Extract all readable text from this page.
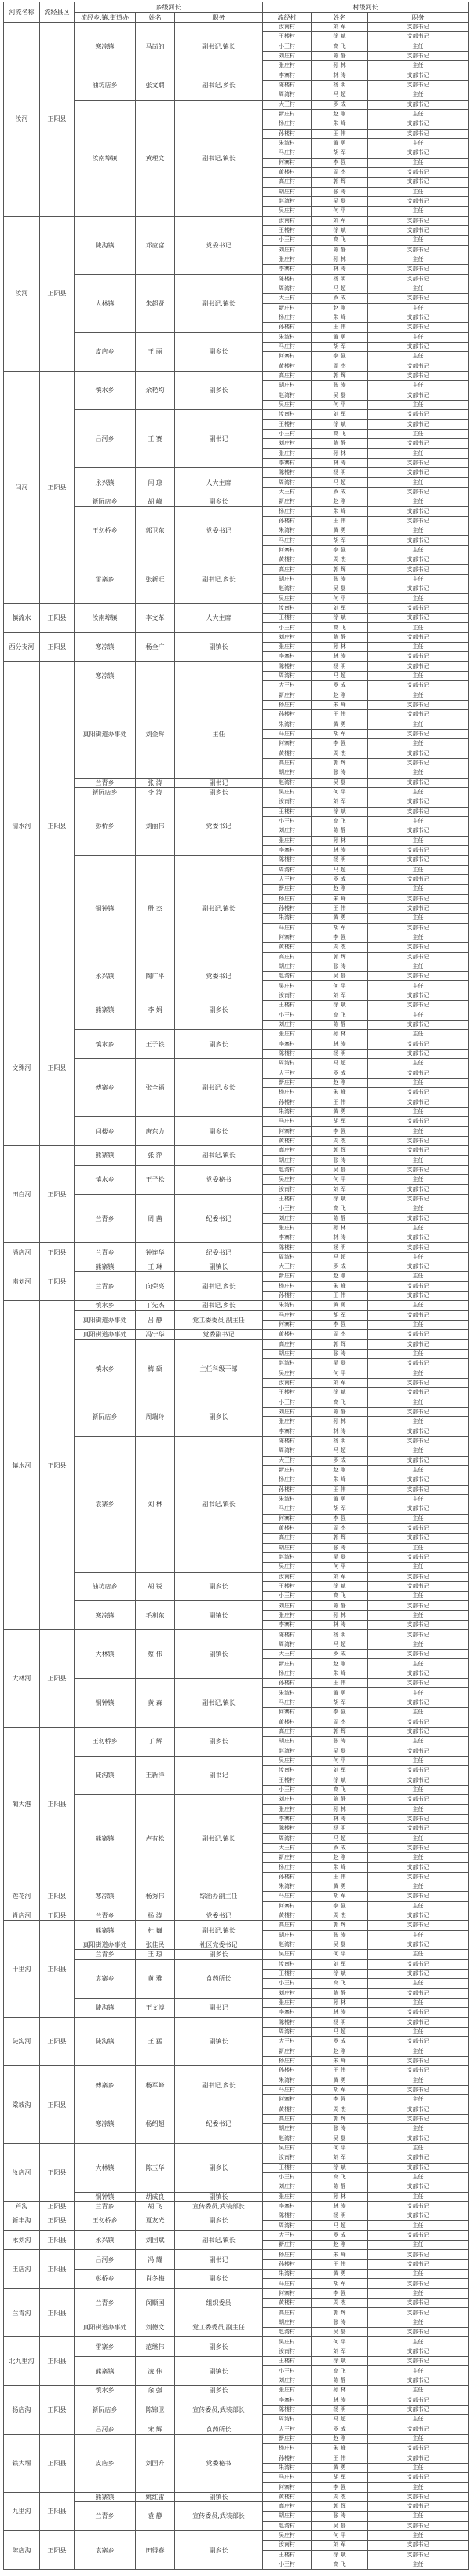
河流名称	流经县区	乡级河长			村级河长		
		流经乡,镇,街道办	姓名	职务	流经村	姓名	职务
汝河	正阳县	寒凉镇	马岗的	副书记,镇长	汝南村	刘 军	支部书记
					王楼村	徐 斌	支部书记
					小王村	高 飞	主任
					刘庄村	陈 静	支部书记
					张庄村	孙 林	主任
		油坊店乡	张文嫻	副书记,乡长	李寨村	林 涛	支部书记
					陈楼村	杨 明	支部书记
					周湾村	马 超	主任
		汝南埠镇	黄理文	副书记,镇长	大王村	罗 成	支部书记
					新庄村	赵 刚	主任
					杨庄村	朱 峰	支部书记
					孙楼村	王 伟	支部书记
					朱湾村	黄 勇	主任
					马庄村	胡 军	支部书记
					何寨村	李 强	主任
					黄楼村	周 杰	支部书记
					高庄村	郭 辉	支部书记
					胡庄村	张 涛	主任
					赵湾村	吴 磊	支部书记
					吴庄村	何 平	主任
汝河	正阳县	陡沟镇	邓应富	党委书记	汝南村	刘 军	支部书记
					王楼村	徐 斌	支部书记
					小王村	高 飞	主任
					刘庄村	陈 静	支部书记
					张庄村	孙 林	主任
					李寨村	林 涛	支部书记
		大林镇	朱超贤	副书记,镇长	陈楼村	杨 明	支部书记
					周湾村	马 超	主任
					大王村	罗 成	支部书记
					新庄村	赵 刚	主任
					杨庄村	朱 峰	支部书记
					孙楼村	王 伟	支部书记
		皮店乡	王 丽	副乡长	朱湾村	黄 勇	主任
					马庄村	胡 军	支部书记
					何寨村	李 强	主任
					黄楼村	周 杰	支部书记
闫河	正阳县	慎水乡	余艳均	副乡长	高庄村	郭 辉	支部书记
					胡庄村	张 涛	主任
					赵湾村	吴 磊	支部书记
					吴庄村	何 平	主任
		吕河乡	王 赛	副书记	汝南村	刘 军	支部书记
					王楼村	徐 斌	支部书记
					小王村	高 飞	主任
					刘庄村	陈 静	支部书记
					张庄村	孙 林	主任
					李寨村	林 涛	支部书记
		永兴镇	闫 琼	人大主席	陈楼村	杨 明	支部书记
					周湾村	马 超	主任
					大王村	罗 成	支部书记
		新阮店乡	胡 峰	副乡长	新庄村	赵 刚	主任
		王勿桥乡	郭卫东	党委书记	杨庄村	朱 峰	支部书记
					孙楼村	王 伟	支部书记
					朱湾村	黄 勇	主任
					马庄村	胡 军	支部书记
					何寨村	李 强	主任
		雷寨乡	张新旺	副书记,乡长	黄楼村	周 杰	支部书记
					高庄村	郭 辉	支部书记
					胡庄村	张 涛	主任
					赵湾村	吴 磊	支部书记
					吴庄村	何 平	主任
慎流水	正阳县	汝南埠镇	李文革	人大主席	汝南村	刘 军	支部书记
					王楼村	徐 斌	支部书记
					小王村	高 飞	主任
西分支河	正阳县	寒凉镇	杨全广	副镇长	刘庄村	陈 静	支部书记
					张庄村	孙 林	主任
					李寨村	林 涛	支部书记
清水河	正阳县	寒凉镇			陈楼村	杨 明	支部书记
					周湾村	马 超	主任
					大王村	罗 成	支部书记
		真阳街道办事处	刘金辉	主任	新庄村	赵 刚	主任
					杨庄村	朱 峰	支部书记
					孙楼村	王 伟	支部书记
					朱湾村	黄 勇	主任
					马庄村	胡 军	支部书记
					何寨村	李 强	主任
					黄楼村	周 杰	支部书记
					高庄村	郭 辉	支部书记
					胡庄村	张 涛	主任
		兰青乡	张 涛	副书记	赵湾村	吴 磊	支部书记
		新阮店乡	李 涛	副乡长	吴庄村	何 平	主任
		彭桥乡	刘丽伟	党委书记	汝南村	刘 军	支部书记
					王楼村	徐 斌	支部书记
					小王村	高 飞	主任
					刘庄村	陈 静	支部书记
					张庄村	孙 林	主任
					李寨村	林 涛	支部书记
		铜钟镇	殷 杰	副书记,镇长	陈楼村	杨 明	支部书记
					周湾村	马 超	主任
					大王村	罗 成	支部书记
					新庄村	赵 刚	主任
					杨庄村	朱 峰	支部书记
					孙楼村	王 伟	支部书记
					朱湾村	黄 勇	主任
					马庄村	胡 军	支部书记
					何寨村	李 强	主任
					黄楼村	周 杰	支部书记
					高庄村	郭 辉	支部书记
		永兴镇	陶广平	党委书记	胡庄村	张 涛	主任
					赵湾村	吴 磊	支部书记
					吴庄村	何 平	主任
文殊河	正阳县	熊寨镇	李 娟	副乡长	汝南村	刘 军	支部书记
					王楼村	徐 斌	支部书记
					小王村	高 飞	主任
					刘庄村	陈 静	支部书记
		慎水乡	王子轶	副乡长	张庄村	孙 林	主任
					李寨村	林 涛	支部书记
					陈楼村	杨 明	支部书记
		傅寨乡	张全福	副书记,乡长	周湾村	马 超	主任
					大王村	罗 成	支部书记
					新庄村	赵 刚	主任
					杨庄村	朱 峰	支部书记
					孙楼村	王 伟	支部书记
					朱湾村	黄 勇	主任
		闫楼乡	唐东力	副乡长	马庄村	胡 军	支部书记
					何寨村	李 强	主任
					黄楼村	周 杰	支部书记
田白河	正阳县	熊寨镇	张 萍	副书记,镇长	高庄村	郭 辉	支部书记
					胡庄村	张 涛	主任
		慎水乡	王子松	党委秘书	赵湾村	吴 磊	支部书记
					吴庄村	何 平	主任
					汝南村	刘 军	支部书记
		兰青乡	周 茜	纪委书记	王楼村	徐 斌	支部书记
					小王村	高 飞	主任
					刘庄村	陈 静	支部书记
					张庄村	孙 林	主任
					李寨村	林 涛	支部书记
潘店河	正阳县	兰青乡	钟连华	纪委书记	陈楼村	杨 明	支部书记
					周湾村	马 超	主任
南刘河	正阳县	熊寨镇	王 琳	副镇长	大王村	罗 成	支部书记
		兰青乡	向荣亮	副书记,乡长	新庄村	赵 刚	主任
					杨庄村	朱 峰	支部书记
					孙楼村	王 伟	支部书记
慎水河	正阳县	慎水乡	丁先杰	副书记,乡长	朱湾村	黄 勇	主任
		真阳街道办事处	吕 静	党工委委员,副主任	马庄村	胡 军	支部书记
					何寨村	李 强	主任
		真阳街道办事处	冯宁华	党委副书记	黄楼村	周 杰	支部书记
		慎水乡	梅 硕	主任科级干部	高庄村	郭 辉	支部书记
					胡庄村	张 涛	主任
					赵湾村	吴 磊	支部书记
					吴庄村	何 平	主任
					汝南村	刘 军	支部书记
					王楼村	徐 斌	支部书记
		新阮店乡	周瑞玲	副乡长	小王村	高 飞	主任
					刘庄村	陈 静	支部书记
					张庄村	孙 林	主任
					李寨村	林 涛	支部书记
		袁寨乡	刘 林	副书记,镇长	陈楼村	杨 明	支部书记
					周湾村	马 超	主任
					大王村	罗 成	支部书记
					新庄村	赵 刚	主任
					杨庄村	朱 峰	支部书记
					孙楼村	王 伟	支部书记
					朱湾村	黄 勇	主任
					马庄村	胡 军	支部书记
					何寨村	李 强	主任
					黄楼村	周 杰	支部书记
					高庄村	郭 辉	支部书记
					胡庄村	张 涛	主任
					赵湾村	吴 磊	支部书记
					吴庄村	何 平	主任
		油坊店乡	胡 锐	副乡长	汝南村	刘 军	支部书记
					王楼村	徐 斌	支部书记
					小王村	高 飞	主任
		寒凉镇	毛利东	副镇长	刘庄村	陈 静	支部书记
					张庄村	孙 林	主任
					李寨村	林 涛	支部书记
大林河	正阳县	大林镇	蔡 伟	副镇长	陈楼村	杨 明	支部书记
					周湾村	马 超	主任
					大王村	罗 成	支部书记
					新庄村	赵 刚	主任
					杨庄村	朱 峰	支部书记
		铜钟镇	黄 森	副书记,镇长	孙楼村	王 伟	支部书记
					朱湾村	黄 勇	主任
					马庄村	胡 军	支部书记
					何寨村	李 强	主任
					黄楼村	周 杰	支部书记
蔺大港	正阳县	王勿桥乡	丁 辉	副乡长	高庄村	郭 辉	支部书记
					胡庄村	张 涛	主任
					赵湾村	吴 磊	支部书记
		陡沟镇	王新洋	副书记	吴庄村	何 平	主任
					汝南村	刘 军	支部书记
					王楼村	徐 斌	支部书记
					小王村	高 飞	主任
		熊寨镇	卢有松	副书记,镇长	刘庄村	陈 静	支部书记
					张庄村	孙 林	主任
					李寨村	林 涛	支部书记
					陈楼村	杨 明	支部书记
					周湾村	马 超	主任
					大王村	罗 成	支部书记
					新庄村	赵 刚	主任
					杨庄村	朱 峰	支部书记
					孙楼村	王 伟	支部书记
莲花河	正阳县	寒凉镇	杨秀伟	综治办副主任	朱湾村	黄 勇	主任
					马庄村	胡 军	支部书记
					何寨村	李 强	主任
肖店河	正阳县	兰青乡	杨 涛	党委书记	黄楼村	周 杰	支部书记
十里沟	正阳县	熊寨镇	杜 巍	副书记,镇长	高庄村	郭 辉	支部书记
					胡庄村	张 涛	主任
		真阳街道办事处	张佳民	社区党委书记	赵湾村	吴 磊	支部书记
		兰青乡	王 琼	副乡长	吴庄村	何 平	主任
		袁寨乡	黄 雅	食药所长	汝南村	刘 军	支部书记
					王楼村	徐 斌	支部书记
					小王村	高 飞	主任
					刘庄村	陈 静	支部书记
		陡沟镇	王文博	副书记	张庄村	孙 林	主任
					李寨村	林 涛	支部书记
陡沟河	正阳县	陡沟镇	王 猛	副镇长	陈楼村	杨 明	支部书记
					周湾村	马 超	主任
					大王村	罗 成	支部书记
					新庄村	赵 刚	主任
					杨庄村	朱 峰	支部书记
棠坡沟	正阳县	傅寨乡	杨军峰	副书记,乡长	孙楼村	王 伟	支部书记
					朱湾村	黄 勇	主任
					马庄村	胡 军	支部书记
					何寨村	李 强	主任
		寒凉镇	杨绍超	纪委书记	黄楼村	周 杰	支部书记
					高庄村	郭 辉	支部书记
					胡庄村	张 涛	主任
					赵湾村	吴 磊	支部书记
汝店河	正阳县	大林镇	陈玉华	副乡长	吴庄村	何 平	主任
					汝南村	刘 军	支部书记
					王楼村	徐 斌	支部书记
					小王村	高 飞	主任
					刘庄村	陈 静	支部书记
		铜钟镇	胡成良	副镇长	张庄村	孙 林	主任
芦沟	正阳县	兰青乡	胡 飞	宣传委员,武装部长	李寨村	林 涛	支部书记
新丰沟	正阳县	王勿桥乡	夏友光	副乡长	陈楼村	杨 明	支部书记
					周湾村	马 超	主任
永刘沟	正阳县	永兴镇	刘国斌	副书记,镇长	大王村	罗 成	支部书记
					新庄村	赵 刚	主任
王店沟	正阳县	吕河乡	冯 耀	副书记	杨庄村	朱 峰	支部书记
					孙楼村	王 伟	支部书记
		彭桥乡	肖冬梅	副乡长	朱湾村	黄 勇	主任
					马庄村	胡 军	支部书记
兰青沟	正阳县	兰青乡	闵顺国	组织委员	何寨村	李 强	主任
					黄楼村	周 杰	支部书记
					高庄村	郭 辉	支部书记
		真阳街道办事处	刘德文	党工委委员,副主任	胡庄村	张 涛	主任
					赵湾村	吴 磊	支部书记
北九里沟	正阳县	雷寨乡	范继伟	副乡长	吴庄村	何 平	主任
					汝南村	刘 军	支部书记
		熊寨镇	凌 伟	副镇长	王楼村	徐 斌	支部书记
					小王村	高 飞	主任
					刘庄村	陈 静	支部书记
杨店沟	正阳县	慎水乡	余 强	副乡长	张庄村	孙 林	主任
		新阮店乡	陈锦卫	宣传委员,武装部长	李寨村	林 涛	支部书记
					陈楼村	杨 明	支部书记
					周湾村	马 超	主任
		吕河乡	宋 辉	食药所长	大王村	罗 成	支部书记
铁大堰	正阳县	皮店乡	刘国升	党委秘书	新庄村	赵 刚	主任
					杨庄村	朱 峰	支部书记
					孙楼村	王 伟	支部书记
					朱湾村	黄 勇	主任
					马庄村	胡 军	支部书记
					何寨村	李 强	主任
九里沟	正阳县	熊寨镇	姚红雷	副镇长	黄楼村	周 杰	支部书记
		兰青乡	袁 静	宣传委员,武装部长	高庄村	郭 辉	支部书记
					胡庄村	张 涛	主任
					赵湾村	吴 磊	支部书记
陈店沟	正阳县	袁寨乡	田得春	副乡长	吴庄村	何 平	主任
					汝南村	刘 军	支部书记
					王楼村	徐 斌	支部书记
					小王村	高 飞	主任
